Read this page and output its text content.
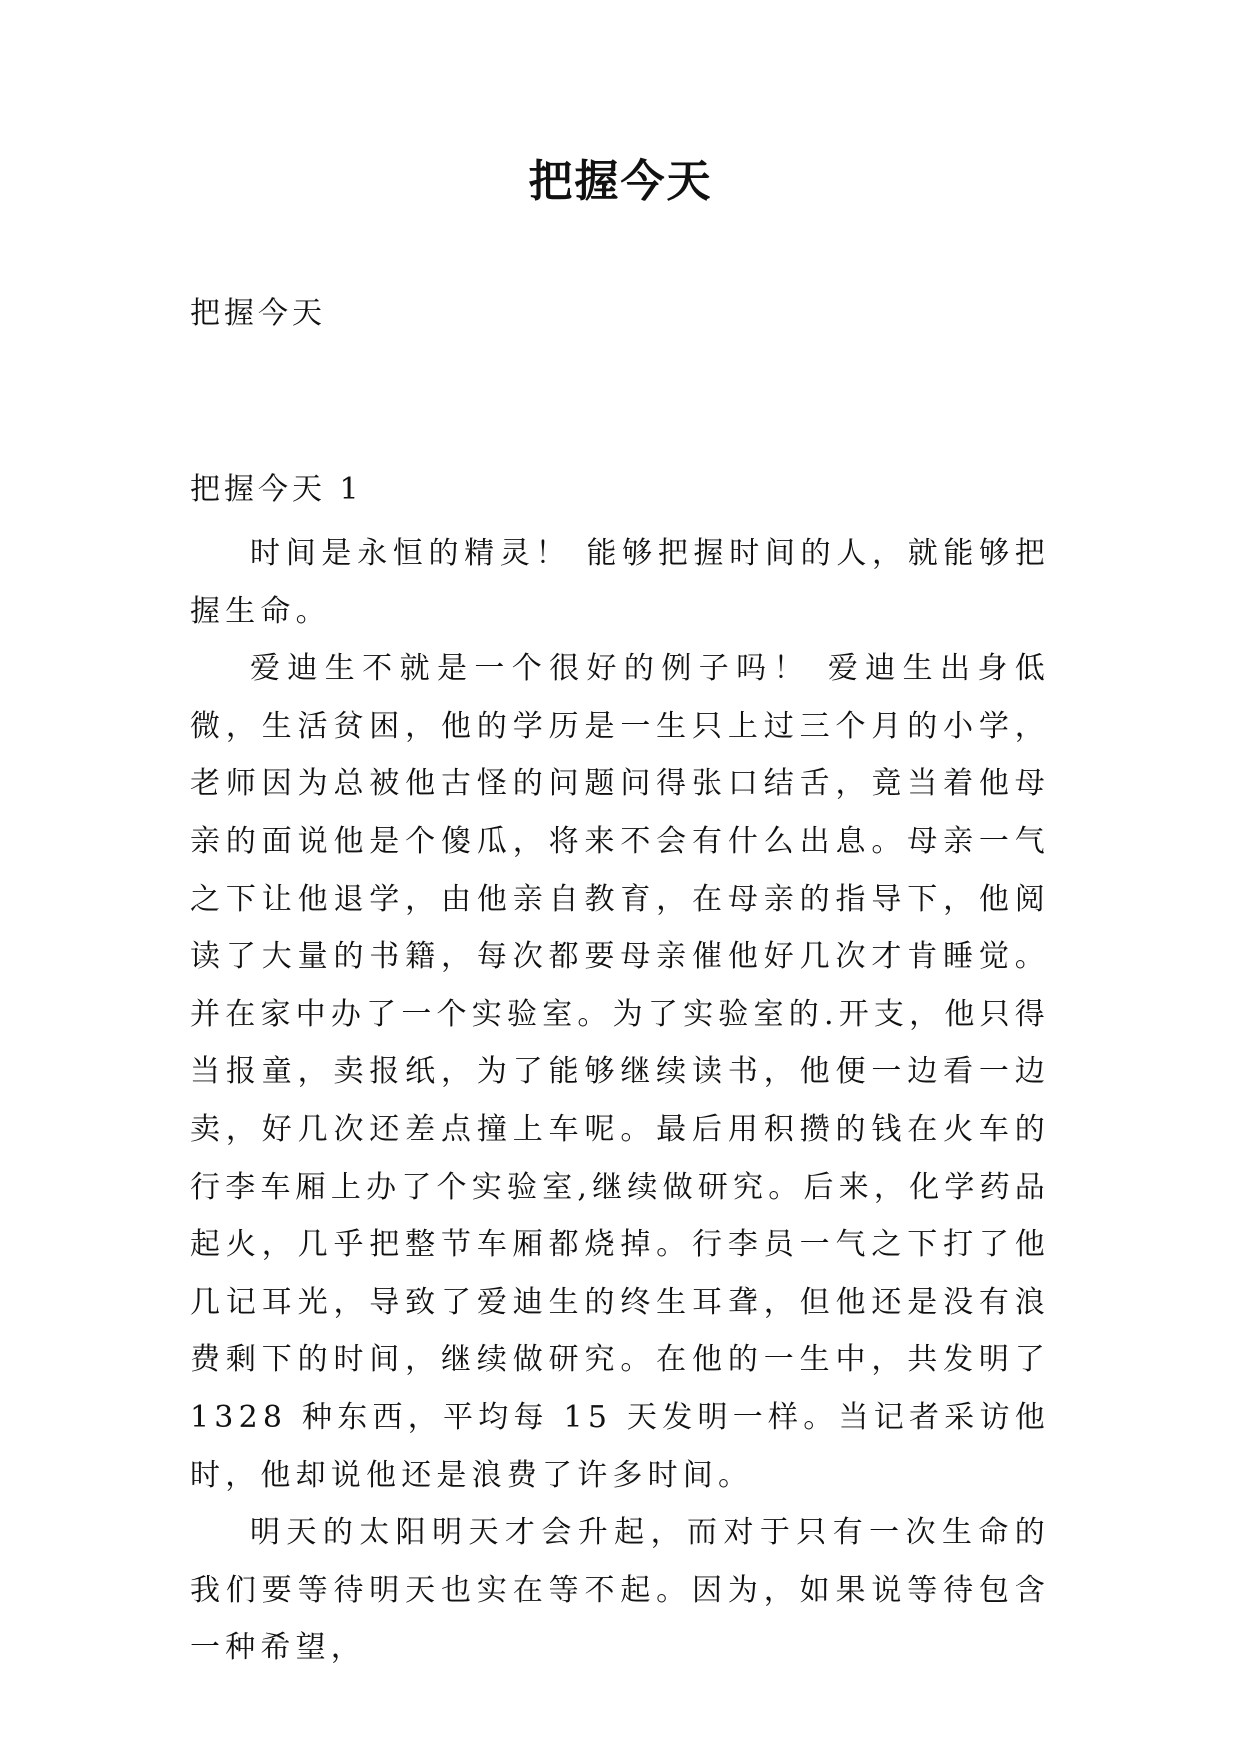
把握今天
把握今天
把握今天 1

时间是永恒的精灵！ 能够把握时间的人，就能够把握生命。

爱迪生不就是一个很好的例子吗！ 爱迪生出身低微，生活贫困，他的学历是一生只上过三个月的小学，老师因为总被他古怪的问题问得张口结舌，竟当着他母亲的面说他是个傻瓜，将来不会有什么出息。母亲一气之下让他退学，由他亲自教育，在母亲的指导下，他阅读了大量的书籍，每次都要母亲催他好几次才肯睡觉。并在家中办了一个实验室。为了实验室的.开支，他只得当报童，卖报纸，为了能够继续读书，他便一边看一边卖，好几次还差点撞上车呢。最后用积攒的钱在火车的行李车厢上办了个实验室,继续做研究。后来，化学药品起火，几乎把整节车厢都烧掉。行李员一气之下打了他几记耳光，导致了爱迪生的终生耳聋，但他还是没有浪费剩下的时间，继续做研究。在他的一生中，共发明了 1328 种东西，平均每 15 天发明一样。当记者采访他时，他却说他还是浪费了许多时间。

明天的太阳明天才会升起，而对于只有一次生命的我们要等待明天也实在等不起。因为，如果说等待包含一种希望，
